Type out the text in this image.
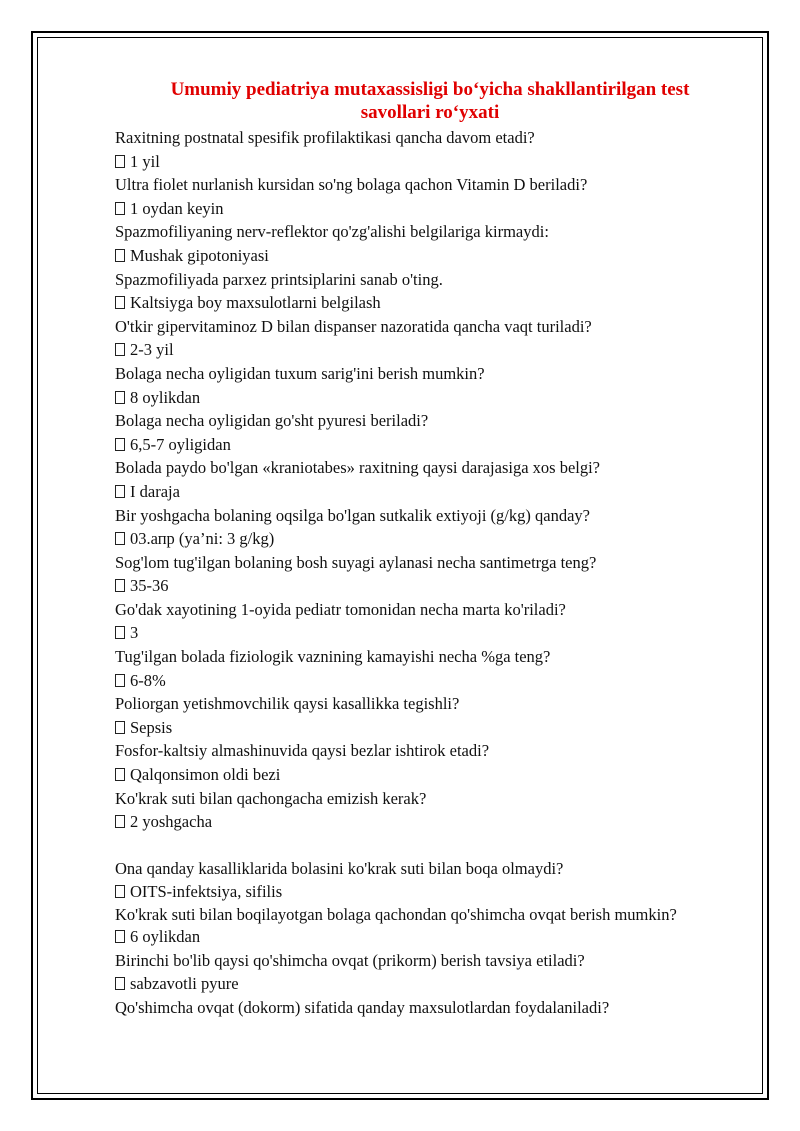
Umumiy pediatriya mutaxassisligi bo‘yicha shakllantirilgan test
savollari ro‘yxati
Raxitning postnatal spesifik profilaktikasi qancha davom etadi?
1 yil
Ultra fiolet nurlanish kursidan so'ng bolaga qachon Vitamin D beriladi?
1 oydan keyin
Spazmofiliyaning nerv-reflektor qo'zg'alishi belgilariga kirmaydi:
Mushak gipotoniyasi
Spazmofiliyada parxez printsiplarini sanab o'ting.
Kaltsiyga boy maxsulotlarni belgilash
O'tkir gipervitaminoz D bilan dispanser nazoratida qancha vaqt turiladi?
2-3 yil
Bolaga necha oyligidan tuxum sarig'ini berish mumkin?
8 oylikdan
Bolaga necha oyligidan go'sht pyuresi beriladi?
6,5-7 oyligidan
Bolada paydo bo'lgan «kraniotabes» raxitning qaysi darajasiga xos belgi?
I daraja
Bir yoshgacha bolaning oqsilga bo'lgan sutkalik extiyoji (g/kg) qanday?
03.апр (ya’ni: 3 g/kg)
Sog'lom tug'ilgan bolaning bosh suyagi aylanasi necha santimetrga teng?
35-36
Go'dak xayotining 1-oyida pediatr tomonidan necha marta ko'riladi?
3
Tug'ilgan bolada fiziologik vaznining kamayishi necha %ga teng?
6-8%
Poliorgan yetishmovchilik qaysi kasallikka tegishli?
Sepsis
Fosfor-kaltsiy almashinuvida qaysi bezlar ishtirok etadi?
Qalqonsimon oldi bezi
Ko'krak suti bilan qachongacha emizish kerak?
2 yoshgacha
Ona qanday kasalliklarida bolasini ko'krak suti bilan boqa olmaydi?
OITS-infektsiya, sifilis
Ko'krak suti bilan boqilayotgan bolaga qachondan qo'shimcha ovqat berish mumkin?
6 oylikdan
Birinchi bo'lib qaysi qo'shimcha ovqat (prikorm) berish tavsiya etiladi?
sabzavotli pyure
Qo'shimcha ovqat (dokorm) sifatida qanday maxsulotlardan foydalaniladi?
